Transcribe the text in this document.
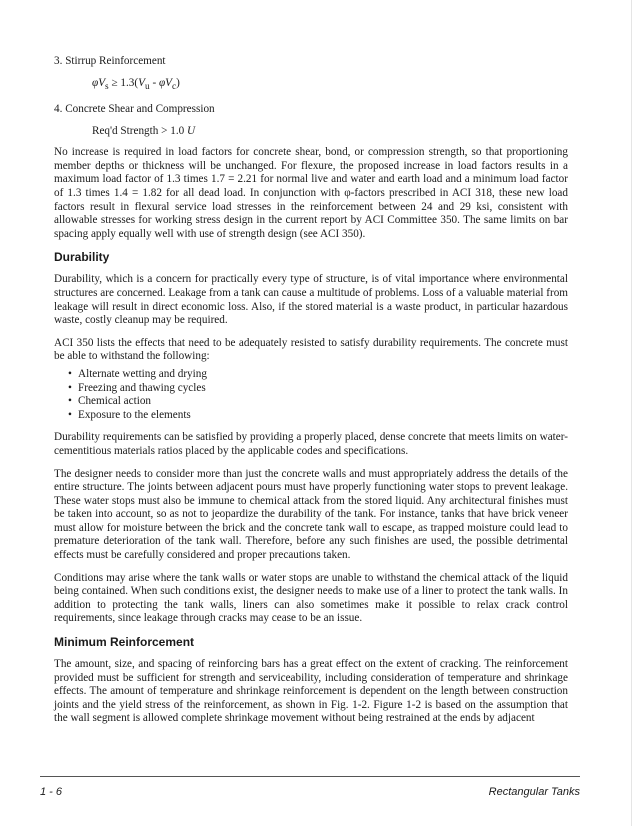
3. Stirrup Reinforcement

$\varphi V_s \ge 1.3(V_u - \varphi V_c)$

4. Concrete Shear and Compression

Req'd Strength > 1.0 U

No increase is required in load factors for concrete shear, bond, or compression strength, so that proportioning member depths or thickness will be unchanged. For flexure, the proposed increase in load factors results in a maximum load factor of 1.3 times 1.7 = 2.21 for normal live and water and earth load and a minimum load factor of 1.3 times 1.4 = 1.82 for all dead load. In conjunction with φ-factors prescribed in ACI 318, these new load factors result in flexural service load stresses in the reinforcement between 24 and 29 ksi, consistent with allowable stresses for working stress design in the current report by ACI Committee 350. The same limits on bar spacing apply equally well with use of strength design (see ACI 350).

Durability

Durability, which is a concern for practically every type of structure, is of vital importance where environmental structures are concerned. Leakage from a tank can cause a multitude of problems. Loss of a valuable material from leakage will result in direct economic loss. Also, if the stored material is a waste product, in particular hazardous waste, costly cleanup may be required.

ACI 350 lists the effects that need to be adequately resisted to satisfy durability requirements. The concrete must be able to withstand the following:

• Alternate wetting and drying
• Freezing and thawing cycles
• Chemical action
• Exposure to the elements

Durability requirements can be satisfied by providing a properly placed, dense concrete that meets limits on water-cementitious materials ratios placed by the applicable codes and specifications.

The designer needs to consider more than just the concrete walls and must appropriately address the details of the entire structure. The joints between adjacent pours must have properly functioning water stops to prevent leakage. These water stops must also be immune to chemical attack from the stored liquid. Any architectural finishes must be taken into account, so as not to jeopardize the durability of the tank. For instance, tanks that have brick veneer must allow for moisture between the brick and the concrete tank wall to escape, as trapped moisture could lead to premature deterioration of the tank wall. Therefore, before any such finishes are used, the possible detrimental effects must be carefully considered and proper precautions taken.

Conditions may arise where the tank walls or water stops are unable to withstand the chemical attack of the liquid being contained. When such conditions exist, the designer needs to make use of a liner to protect the tank walls. In addition to protecting the tank walls, liners can also sometimes make it possible to relax crack control requirements, since leakage through cracks may cease to be an issue.

Minimum Reinforcement

The amount, size, and spacing of reinforcing bars has a great effect on the extent of cracking. The reinforcement provided must be sufficient for strength and serviceability, including consideration of temperature and shrinkage effects. The amount of temperature and shrinkage reinforcement is dependent on the length between construction joints and the yield stress of the reinforcement, as shown in Fig. 1-2. Figure 1-2 is based on the assumption that the wall segment is allowed complete shrinkage movement without being restrained at the ends by adjacent

1 - 6	Rectangular Tanks
